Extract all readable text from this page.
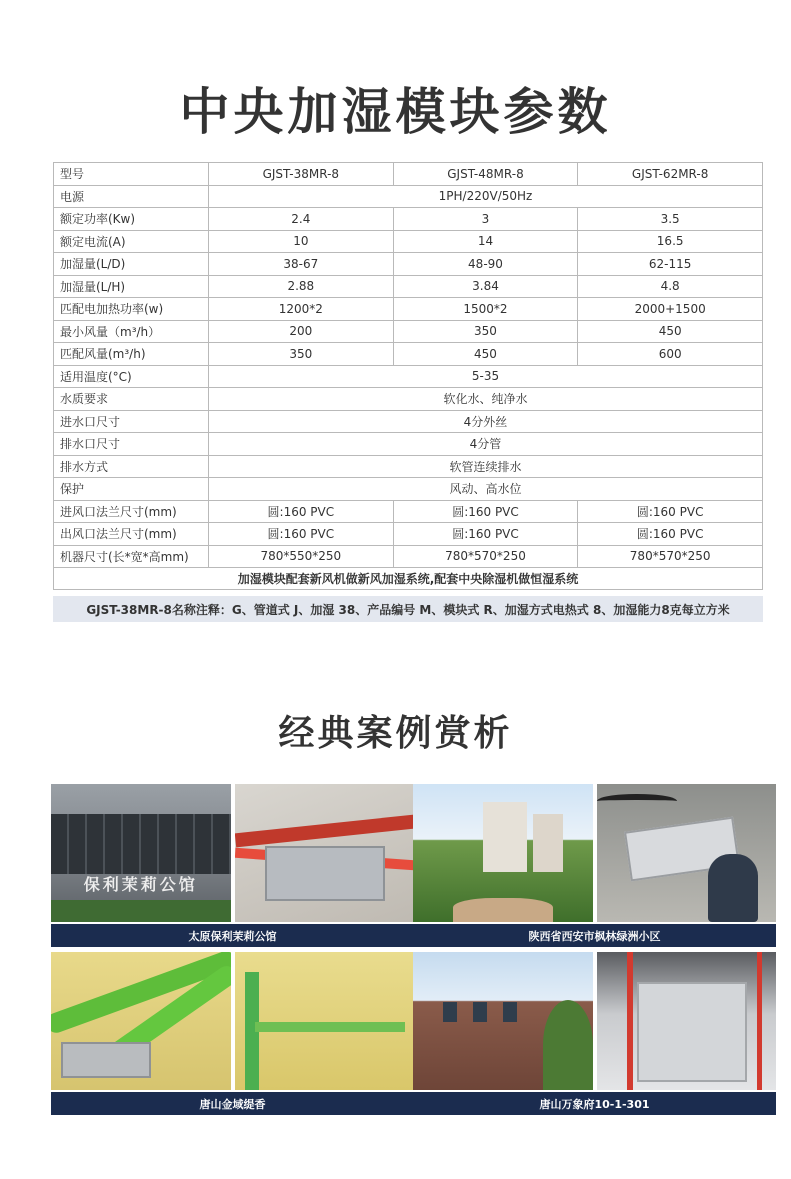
中央加湿模块参数
型号	GJST-38MR-8	GJST-48MR-8	GJST-62MR-8
电源	1PH/220V/50Hz		
额定功率(Kw)	2.4	3	3.5
额定电流(A)	10	14	16.5
加湿量(L/D)	38-67	48-90	62-115
加湿量(L/H)	2.88	3.84	4.8
匹配电加热功率(w)	1200*2	1500*2	2000+1500
最小风量（m³/h）	200	350	450
匹配风量(m³/h)	350	450	600
适用温度(°C)	5-35		
水质要求	软化水、纯净水		
进水口尺寸	4分外丝		
排水口尺寸	4分管		
排水方式	软管连续排水		
保护	风动、高水位		
进风口法兰尺寸(mm)	圆:160 PVC	圆:160 PVC	圆:160 PVC
出风口法兰尺寸(mm)	圆:160 PVC	圆:160 PVC	圆:160 PVC
机器尺寸(长*宽*高mm)	780*550*250	780*570*250	780*570*250
加湿模块配套新风机做新风加湿系统,配套中央除湿机做恒湿系统			
GJST-38MR-8名称注释：G、管道式 J、加湿 38、产品编号 M、模块式 R、加湿方式电热式 8、加湿能力8克每立方米
经典案例赏析
保利茉莉公馆
太原保利茉莉公馆	陕西省西安市枫林绿洲小区
唐山金域缇香	唐山万象府10-1-301
